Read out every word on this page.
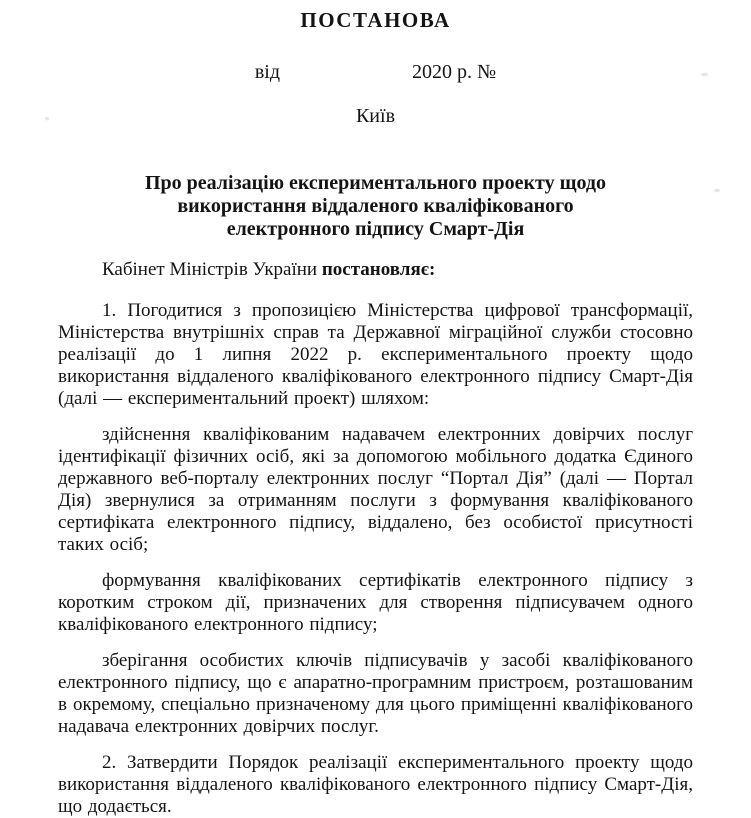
ПОСТАНОВА
від	2020 р. №
Київ
Про реалізацію експериментального проекту щодо
використання віддаленого кваліфікованого
електронного підпису Смарт-Дія

Кабінет Міністрів України постановляє:

1. Погодитися з пропозицією Міністерства цифрової трансформації, Міністерства внутрішніх справ та Державної міграційної служби стосовно реалізації до 1 липня 2022 р. експериментального проекту щодо використання віддаленого кваліфікованого електронного підпису Смарт-Дія (далі — експериментальний проект) шляхом:

здійснення кваліфікованим надавачем електронних довірчих послуг ідентифікації фізичних осіб, які за допомогою мобільного додатка Єдиного державного веб-порталу електронних послуг “Портал Дія” (далі — Портал Дія) звернулися за отриманням послуги з формування кваліфікованого сертифіката електронного підпису, віддалено, без особистої присутності таких осіб;

формування кваліфікованих сертифікатів електронного підпису з коротким строком дії, призначених для створення підписувачем одного кваліфікованого електронного підпису;

зберігання особистих ключів підписувачів у засобі кваліфікованого електронного підпису, що є апаратно-програмним пристроєм, розташованим в окремому, спеціально призначеному для цього приміщенні кваліфікованого надавача електронних довірчих послуг.

2. Затвердити Порядок реалізації експериментального проекту щодо використання віддаленого кваліфікованого електронного підпису Смарт-Дія, що додається.
